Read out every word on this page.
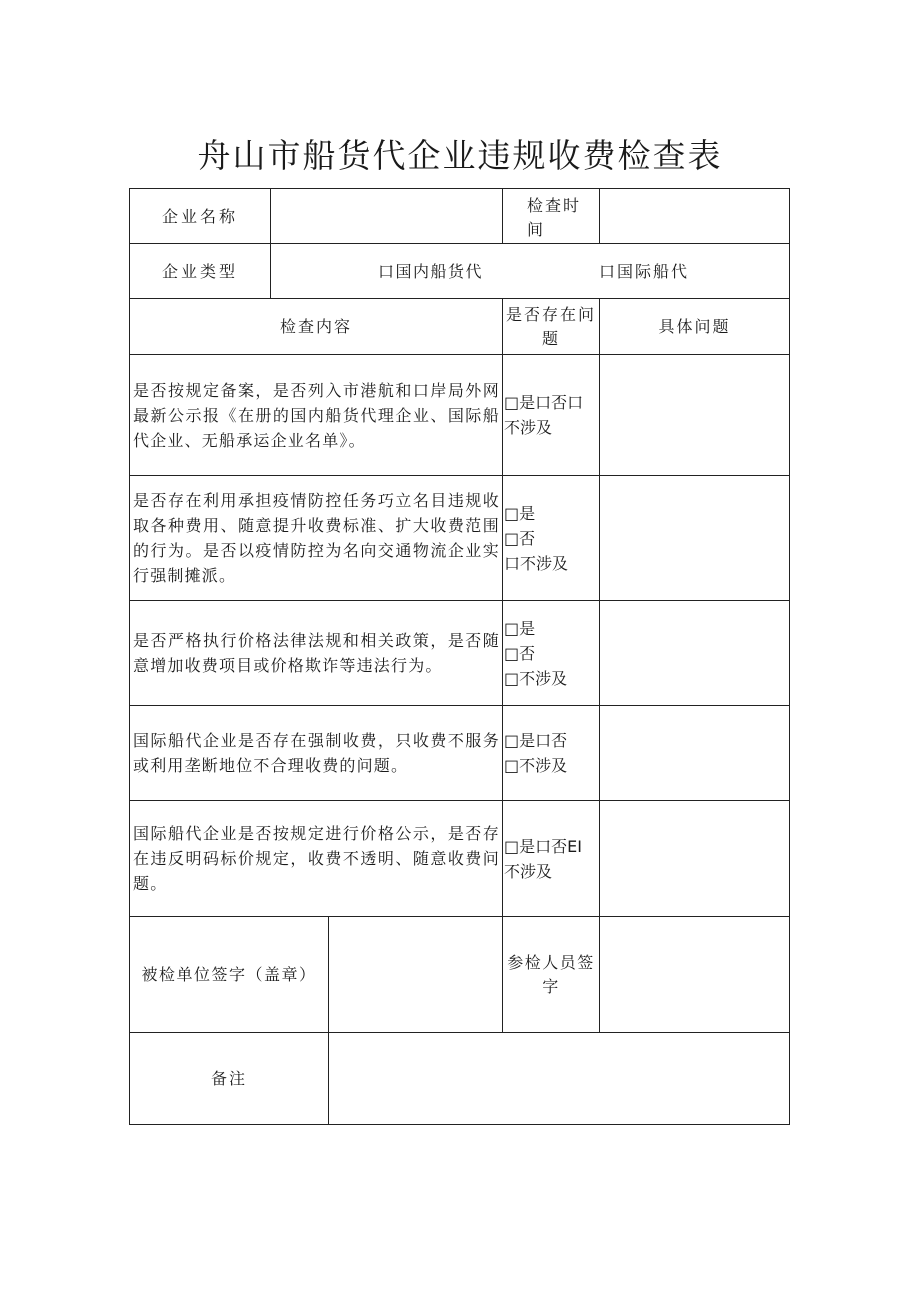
舟山市船货代企业违规收费检查表
企业名称
检查时间
企业类型	口国内船货代	口国际船代
检查内容
是否存在问题
具体问题
是否按规定备案，是否列入市港航和口岸局外网最新公示报《在册的国内船货代理企业、国际船代企业、无船承运企业名单》。
□是口否口
不涉及
是否存在利用承担疫情防控任务巧立名目违规收取各种费用、随意提升收费标准、扩大收费范围的行为。是否以疫情防控为名向交通物流企业实行强制摊派。
□是
□否
口不涉及
是否严格执行价格法律法规和相关政策，是否随意增加收费项目或价格欺诈等违法行为。
□是
□否
□不涉及
国际船代企业是否存在强制收费，只收费不服务或利用垄断地位不合理收费的问题。
□是口否
□不涉及
国际船代企业是否按规定进行价格公示，是否存在违反明码标价规定，收费不透明、随意收费问题。
□是口否EI
不涉及
被检单位签字（盖章）
参检人员签字
备注
